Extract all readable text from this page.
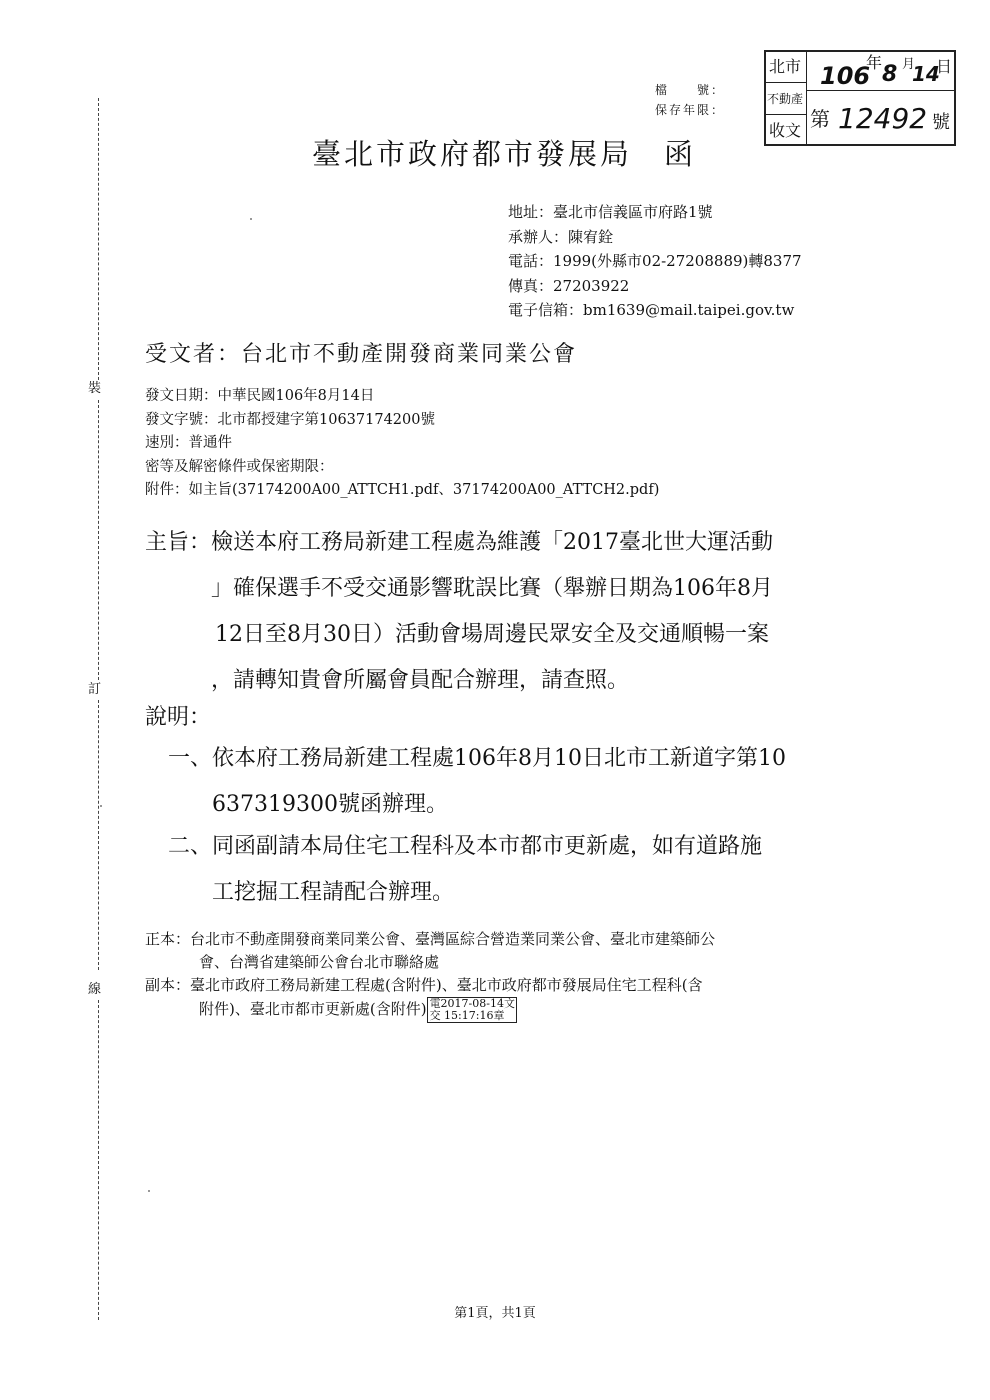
裝
訂
線
檔　　號：
保存年限：
北市
不動產
收文
106
年 8 月
14
日
第 12492 號
臺北市政府都市發展局　函
地址：臺北市信義區市府路1號
承辦人：陳宥銓
電話：1999(外縣市02-27208889)轉8377
傳真：27203922
電子信箱：bm1639@mail.taipei.gov.tw
受文者：台北市不動產開發商業同業公會
發文日期：中華民國106年8月14日
發文字號：北市都授建字第10637174200號
速別：普通件
密等及解密條件或保密期限：
附件：如主旨(37174200A00_ATTCH1.pdf、37174200A00_ATTCH2.pdf)
主旨：檢送本府工務局新建工程處為維護「2017臺北世大運活動
」確保選手不受交通影響耽誤比賽（舉辦日期為106年8月
12日至8月30日）活動會場周邊民眾安全及交通順暢一案
，請轉知貴會所屬會員配合辦理，請查照。
說明：
一、依本府工務局新建工程處106年8月10日北市工新道字第10
637319300號函辦理。
二、同函副請本局住宅工程科及本市都市更新處，如有道路施
工挖掘工程請配合辦理。
正本：台北市不動產開發商業同業公會、臺灣區綜合營造業同業公會、臺北市建築師公
會、台灣省建築師公會台北市聯絡處
副本：臺北市政府工務局新建工程處(含附件)、臺北市政府都市發展局住宅工程科(含
附件)、臺北市都市更新處(含附件) 電2017-08-14文
交 15:17:16章
第1頁，共1頁
